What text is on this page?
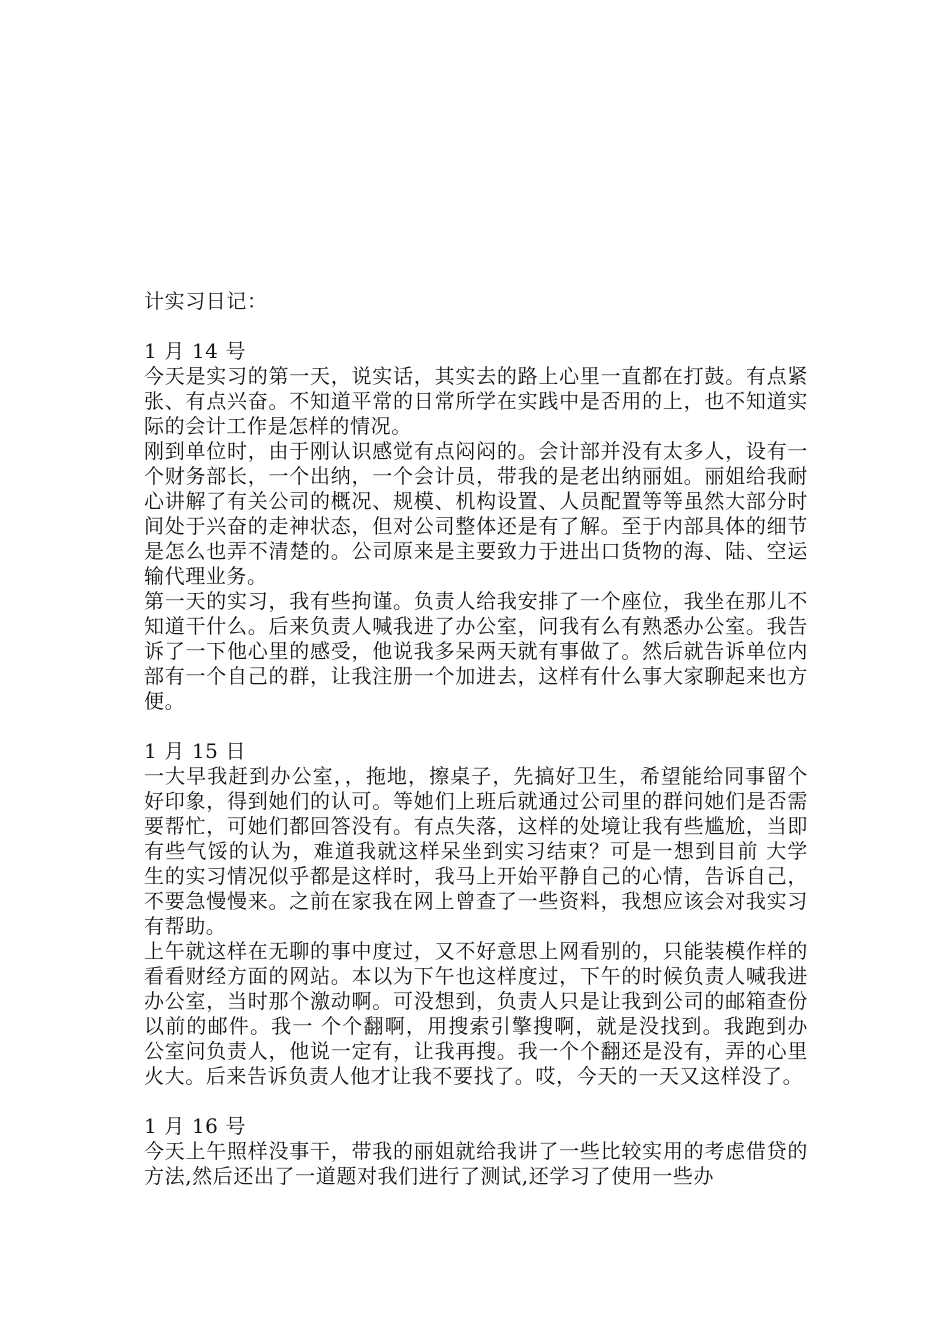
计实习日记：

1 月 14 号

今天是实习的第一天，说实话，其实去的路上心里一直都在打鼓。有点紧张、有点兴奋。不知道平常的日常所学在实践中是否用的上，也不知道实际的会计工作是怎样的情况。

刚到单位时，由于刚认识感觉有点闷闷的。会计部并没有太多人，设有一个财务部长，一个出纳，一个会计员，带我的是老出纳丽姐。丽姐给我耐心讲解了有关公司的概况、规模、机构设置、人员配置等等虽然大部分时间处于兴奋的走神状态，但对公司整体还是有了解。至于内部具体的细节是怎么也弄不清楚的。公司原来是主要致力于进出口货物的海、陆、空运输代理业务。

第一天的实习，我有些拘谨。负责人给我安排了一个座位，我坐在那儿不知道干什么。后来负责人喊我进了办公室，问我有么有熟悉办公室。我告诉了一下他心里的感受，他说我多呆两天就有事做了。然后就告诉单位内部有一个自己的群，让我注册一个加进去，这样有什么事大家聊起来也方便。

1 月 15 日

一大早我赶到办公室，，拖地，擦桌子，先搞好卫生，希望能给同事留个好印象，得到她们的认可。等她们上班后就通过公司里的群问她们是否需要帮忙，可她们都回答没有。有点失落，这样的处境让我有些尴尬，当即有些气馁的认为，难道我就这样呆坐到实习结束？可是一想到目前 大学 生的实习情况似乎都是这样时，我马上开始平静自己的心情，告诉自己，不要急慢慢来。之前在家我在网上曾查了一些资料，我想应该会对我实习有帮助。

上午就这样在无聊的事中度过，又不好意思上网看别的，只能装模作样的看看财经方面的网站。本以为下午也这样度过，下午的时候负责人喊我进办公室，当时那个激动啊。可没想到，负责人只是让我到公司的邮箱查份以前的邮件。我一 个个翻啊，用搜索引擎搜啊，就是没找到。我跑到办公室问负责人，他说一定有，让我再搜。我一个个翻还是没有，弄的心里火大。后来告诉负责人他才让我不要找了。哎，今天的一天又这样没了。

1 月 16 号

今天上午照样没事干，带我的丽姐就给我讲了一些比较实用的考虑借贷的方法,然后还出了一道题对我们进行了测试,还学习了使用一些办
